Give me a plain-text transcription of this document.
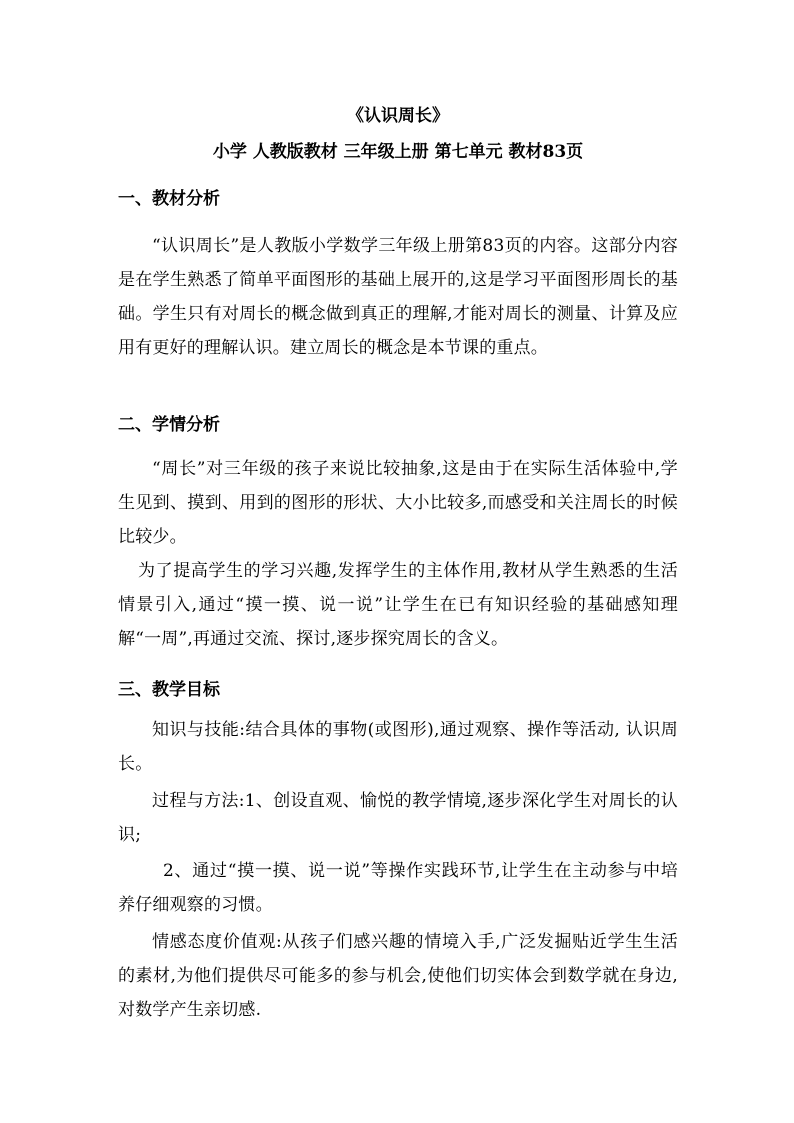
《认识周长》
小学 人教版教材 三年级上册 第七单元 教材83页
一、教材分析

“认识周长”是人教版小学数学三年级上册第83页的内容。这部分内容是在学生熟悉了简单平面图形的基础上展开的,这是学习平面图形周长的基础。学生只有对周长的概念做到真正的理解,才能对周长的测量、计算及应用有更好的理解认识。建立周长的概念是本节课的重点。

二、学情分析

“周长”对三年级的孩子来说比较抽象,这是由于在实际生活体验中,学生见到、摸到、用到的图形的形状、大小比较多,而感受和关注周长的时候比较少。

为了提高学生的学习兴趣,发挥学生的主体作用,教材从学生熟悉的生活情景引入,通过“摸一摸、说一说”让学生在已有知识经验的基础感知理解“一周”,再通过交流、探讨,逐步探究周长的含义。

三、教学目标

知识与技能:结合具体的事物(或图形),通过观察、操作等活动, 认识周长。

过程与方法:1、创设直观、愉悦的教学情境,逐步深化学生对周长的认识;

2、通过“摸一摸、说一说”等操作实践环节,让学生在主动参与中培养仔细观察的习惯。

情感态度价值观:从孩子们感兴趣的情境入手,广泛发掘贴近学生生活的素材,为他们提供尽可能多的参与机会,使他们切实体会到数学就在身边,对数学产生亲切感.
